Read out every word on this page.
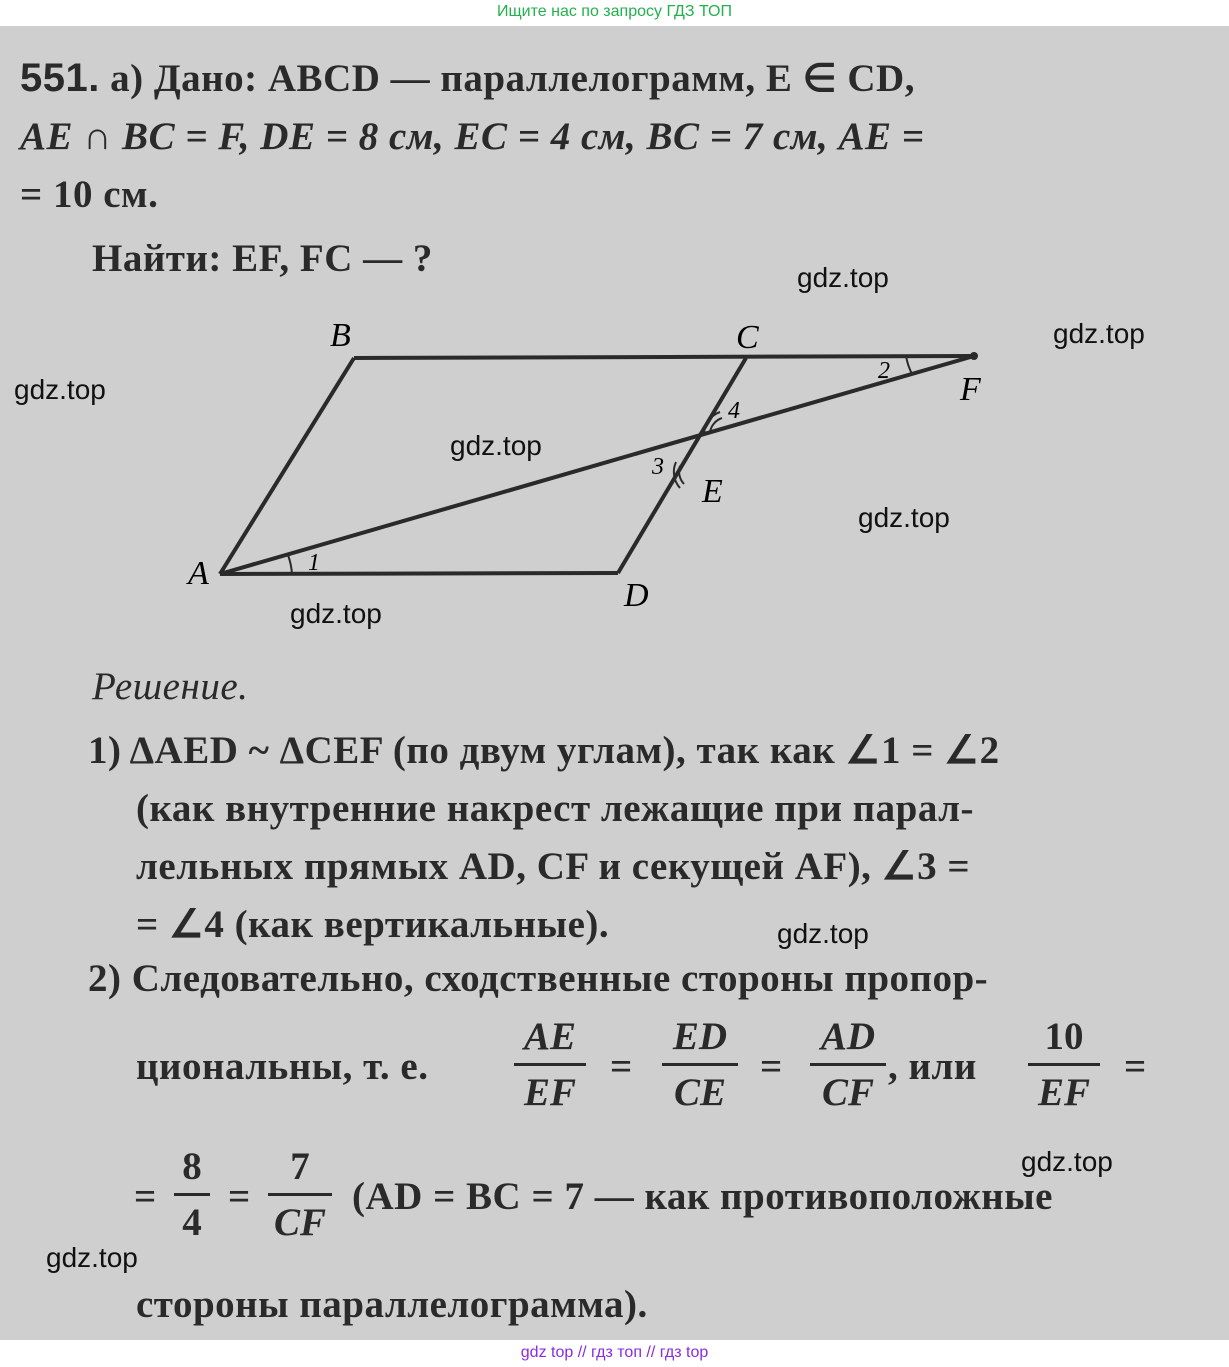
Ищите нас по запросу ГДЗ ТОП
551. а) Дано: ABCD — параллелограмм, E ∈ CD,
AE ∩ BC = F, DE = 8 см, EC = 4 см, BC = 7 см, AE =
= 10 см.
Найти: EF, FC — ?
A
B	C
D
E
F
1
2
3
4
Решение.
1) ΔAED ~ ΔCEF (по двум углам), так как ∠1 = ∠2
(как внутренние накрест лежащие при парал-
лельных прямых AD, CF и секущей AF), ∠3 =
= ∠4 (как вертикальные).
2) Следовательно, сходственные стороны пропор-
циональны, т. е.
AE
EF
=
ED
CE
=
AD
CF
, или
10
EF
=
=
8
4
=
7
CF
(AD = BC = 7 — как противоположные
стороны параллелограмма).
gdz.top
gdz.top
gdz.top
gdz.top
gdz.top
gdz.top
gdz.top
gdz.top
gdz.top
gdz top // гдз топ // гдз top
